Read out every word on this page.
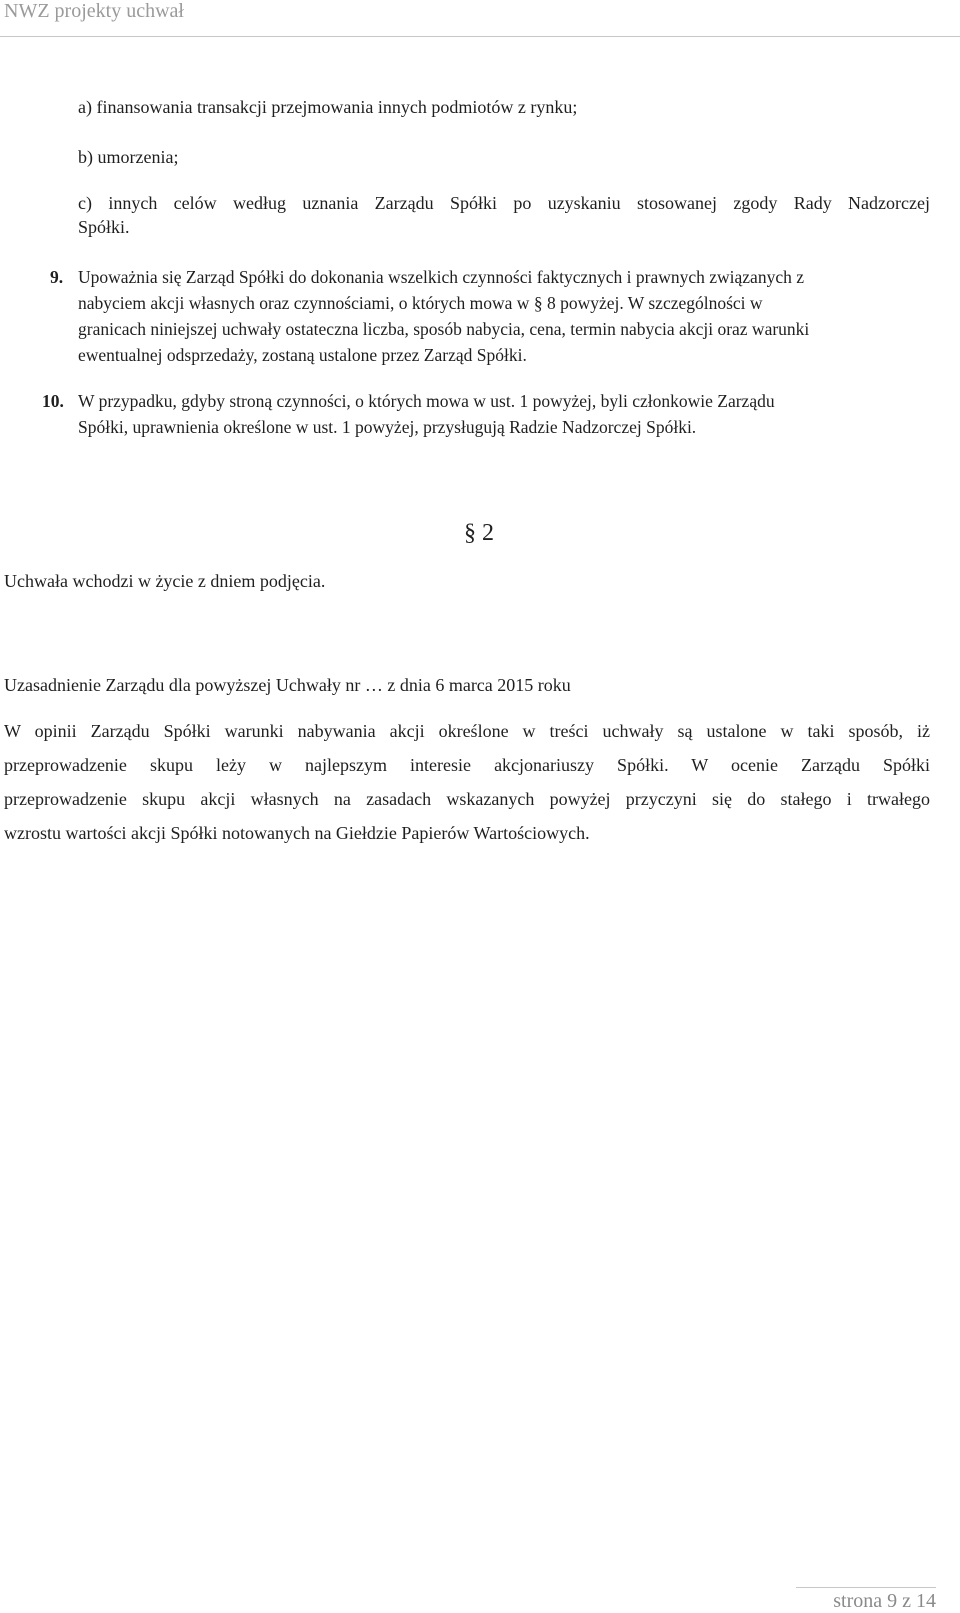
NWZ projekty uchwał
a) finansowania transakcji przejmowania innych podmiotów z rynku;
b) umorzenia;
c) innych celów według uznania Zarządu Spółki po uzyskaniu stosowanej zgody Rady Nadzorczej
Spółki.
9. Upoważnia się Zarząd Spółki do dokonania wszelkich czynności faktycznych i prawnych związanych z
nabyciem akcji własnych oraz czynnościami, o których mowa w § 8 powyżej. W szczególności w
granicach niniejszej uchwały ostateczna liczba, sposób nabycia, cena, termin nabycia akcji oraz warunki
ewentualnej odsprzedaży, zostaną ustalone przez Zarząd Spółki.
10. W przypadku, gdyby stroną czynności, o których mowa w ust. 1 powyżej, byli członkowie Zarządu
Spółki, uprawnienia określone w ust. 1 powyżej, przysługują Radzie Nadzorczej Spółki.
§ 2
Uchwała wchodzi w życie z dniem podjęcia.
Uzasadnienie Zarządu dla powyższej Uchwały nr … z dnia 6 marca 2015 roku
W opinii Zarządu Spółki warunki nabywania akcji określone w treści uchwały są ustalone w taki sposób, iż
przeprowadzenie skupu leży w najlepszym interesie akcjonariuszy Spółki. W ocenie Zarządu Spółki
przeprowadzenie skupu akcji własnych na zasadach wskazanych powyżej przyczyni się do stałego i trwałego
wzrostu wartości akcji Spółki notowanych na Giełdzie Papierów Wartościowych.
strona 9 z 14
